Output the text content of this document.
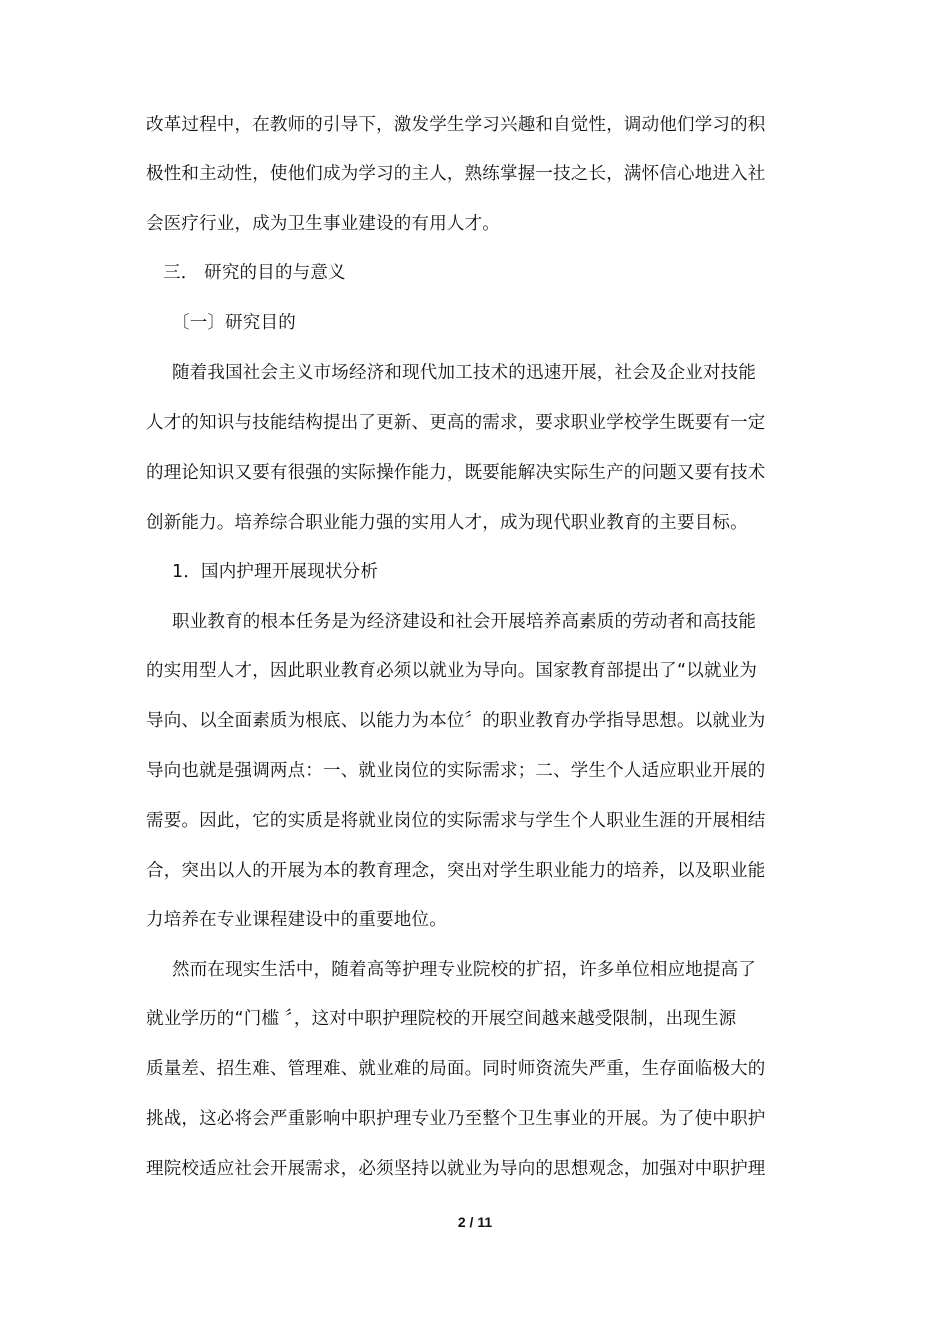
改革过程中，在教师的引导下，激发学生学习兴趣和自觉性，调动他们学习的积
极性和主动性，使他们成为学习的主人，熟练掌握一技之长，满怀信心地进入社
会医疗行业，成为卫生事业建设的有用人才。
三． 研究的目的与意义
〔一〕研究目的
随着我国社会主义市场经济和现代加工技术的迅速开展，社会及企业对技能
人才的知识与技能结构提出了更新、更高的需求，要求职业学校学生既要有一定
的理论知识又要有很强的实际操作能力，既要能解决实际生产的问题又要有技术
创新能力。培养综合职业能力强的实用人才，成为现代职业教育的主要目标。
1．国内护理开展现状分析
职业教育的根本任务是为经济建设和社会开展培养高素质的劳动者和高技能
的实用型人才，因此职业教育必须以就业为导向。国家教育部提出了“以就业为
导向、以全面素质为根底、以能力为本位〞的职业教育办学指导思想。以就业为
导向也就是强调两点：一、就业岗位的实际需求；二、学生个人适应职业开展的
需要。因此，它的实质是将就业岗位的实际需求与学生个人职业生涯的开展相结
合，突出以人的开展为本的教育理念，突出对学生职业能力的培养，以及职业能
力培养在专业课程建设中的重要地位。
然而在现实生活中，随着高等护理专业院校的扩招，许多单位相应地提高了
就业学历的“门槛 〞，这对中职护理院校的开展空间越来越受限制，出现生源
质量差、招生难、管理难、就业难的局面。同时师资流失严重，生存面临极大的
挑战，这必将会严重影响中职护理专业乃至整个卫生事业的开展。为了使中职护
理院校适应社会开展需求，必须坚持以就业为导向的思想观念，加强对中职护理
2 / 11
